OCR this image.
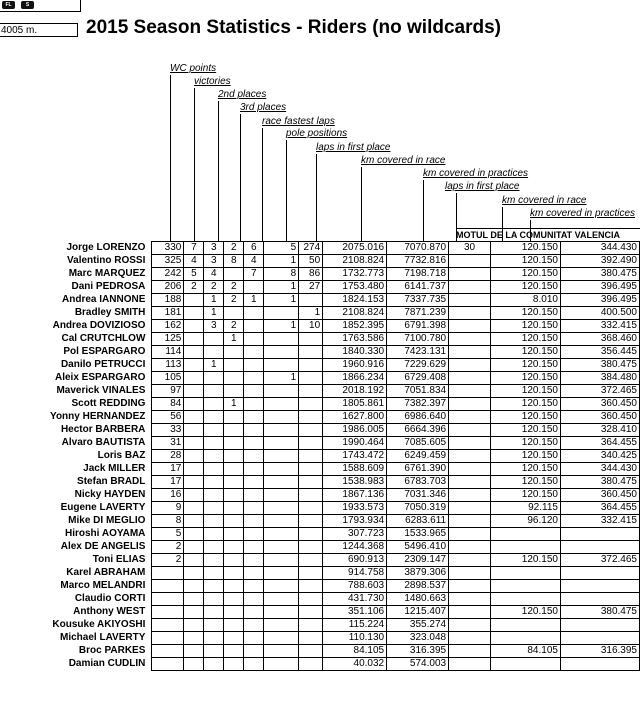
FL	S
4005 m.	2015 Season Statistics - Riders (no wildcards)
WC points
victories
2nd places
3rd places
race fastest laps
pole positions
laps in first place
km covered in race
km covered in practices
laps in first place
km covered in race
km covered in practices
MOTUL DE LA COMUNITAT VALENCIA
Jorge LORENZO	330	7	3	2	6	5	274	2075.016	7070.870	30	120.150	344.430
Valentino ROSSI	325	4	3	8	4	1	50	2108.824	7732.816		120.150	392.490
Marc MARQUEZ	242	5	4		7	8	86	1732.773	7198.718		120.150	380.475
Dani PEDROSA	206	2	2	2		1	27	1753.480	6141.737		120.150	396.495
Andrea IANNONE	188		1	2	1	1		1824.153	7337.735		8.010	396.495
Bradley SMITH	181		1				1	2108.824	7871.239		120.150	400.500
Andrea DOVIZIOSO	162		3	2		1	10	1852.395	6791.398		120.150	332.415
Cal CRUTCHLOW	125			1				1763.586	7100.780		120.150	368.460
Pol ESPARGARO	114							1840.330	7423.131		120.150	356.445
Danilo PETRUCCI	113		1					1960.916	7229.629		120.150	380.475
Aleix ESPARGARO	105					1		1866.234	6729.408		120.150	384.480
Maverick VIÑALES	97							2018.192	7051.834		120.150	372.465
Scott REDDING	84			1				1805.861	7382.397		120.150	360.450
Yonny HERNANDEZ	56							1627.800	6986.640		120.150	360.450
Hector BARBERA	33							1986.005	6664.396		120.150	328.410
Alvaro BAUTISTA	31							1990.464	7085.605		120.150	364.455
Loris BAZ	28							1743.472	6249.459		120.150	340.425
Jack MILLER	17							1588.609	6761.390		120.150	344.430
Stefan BRADL	17							1538.983	6783.703		120.150	380.475
Nicky HAYDEN	16							1867.136	7031.346		120.150	360.450
Eugene LAVERTY	9							1933.573	7050.319		92.115	364.455
Mike DI MEGLIO	8							1793.934	6283.611		96.120	332.415
Hiroshi AOYAMA	5							307.723	1533.965			
Alex DE ANGELIS	2							1244.368	5496.410			
Toni ELIAS	2							690.913	2309.147		120.150	372.465
Karel ABRAHAM								914.758	3879.306			
Marco MELANDRI								788.603	2898.537			
Claudio CORTI								431.730	1480.663			
Anthony WEST								351.106	1215.407		120.150	380.475
Kousuke AKIYOSHI								115.224	355.274			
Michael LAVERTY								110.130	323.048			
Broc PARKES								84.105	316.395		84.105	316.395
Damian CUDLIN								40.032	574.003			
